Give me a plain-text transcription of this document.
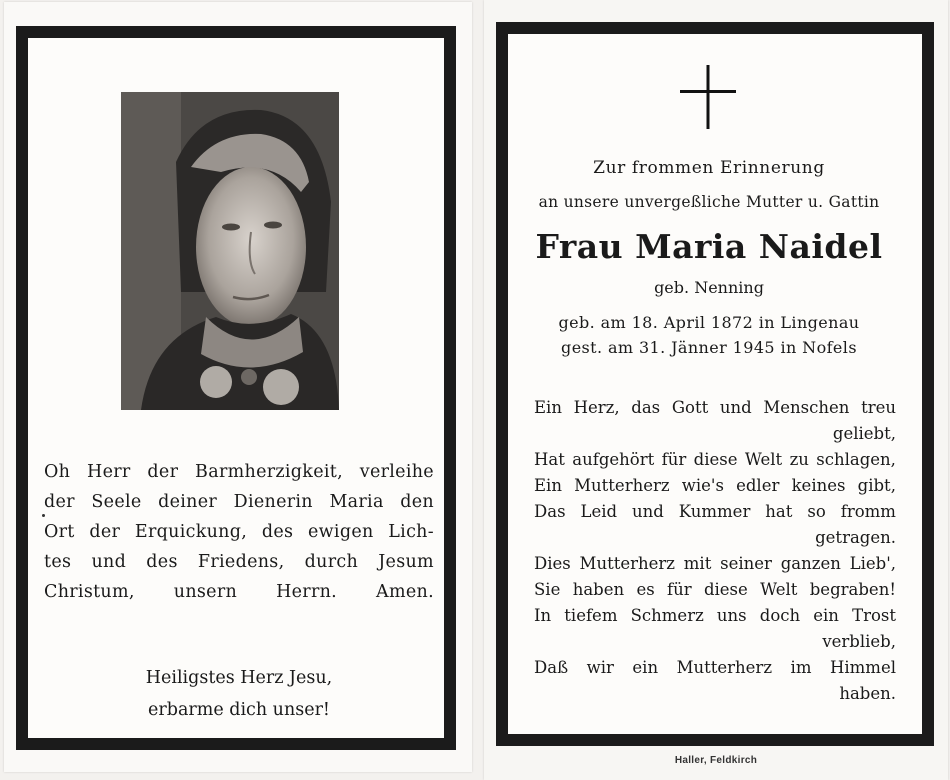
Oh Herr der Barmherzigkeit, verleihe
der Seele deiner Dienerin Maria den
Ort der Erquickung, des ewigen Lich-
tes und des Friedens, durch Jesum
Christum, unsern Herrn. Amen.
Heiligstes Herz Jesu,
erbarme dich unser!
Zur frommen Erinnerung
an unsere unvergeßliche Mutter u. Gattin
Frau Maria Naidel
geb. Nenning
geb. am 18. April 1872 in Lingenau
gest. am 31. Jänner 1945 in Nofels
Ein Herz, das Gott und Menschen treu
geliebt,
Hat aufgehört für diese Welt zu schlagen,
Ein Mutterherz wie's edler keines gibt,
Das Leid und Kummer hat so fromm
getragen.
Dies Mutterherz mit seiner ganzen Lieb',
Sie haben es für diese Welt begraben!
In tiefem Schmerz uns doch ein Trost
verblieb,
Daß wir ein Mutterherz im Himmel
haben.
Haller, Feldkirch
